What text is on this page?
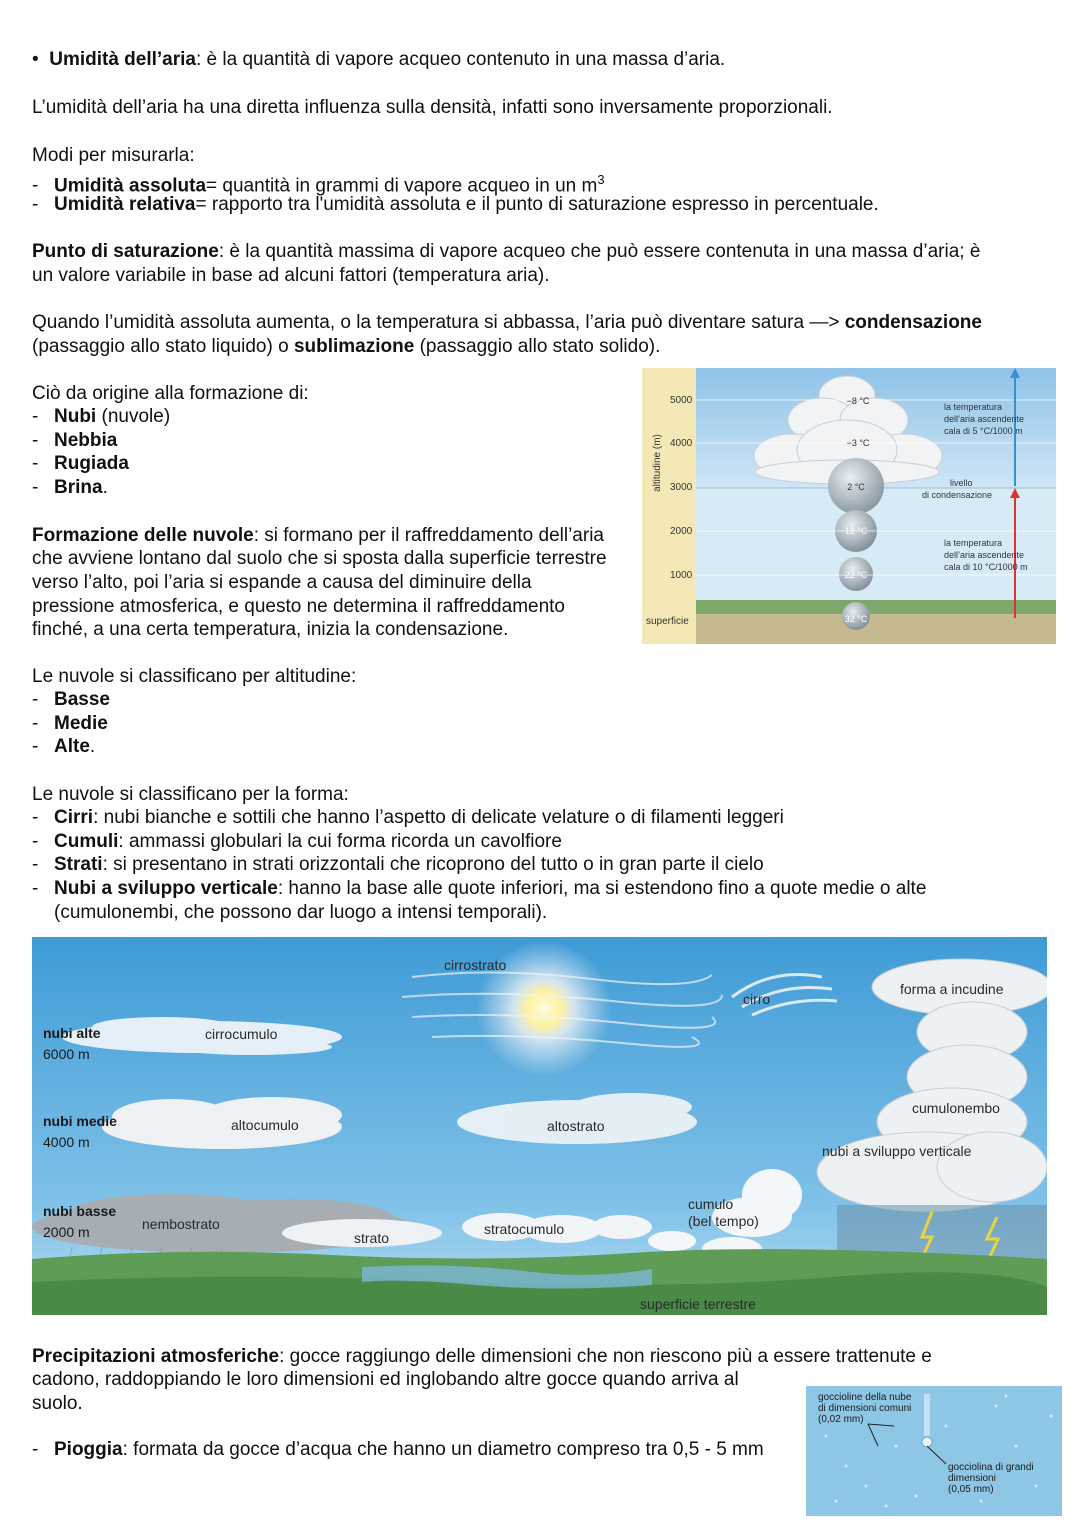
• Umidità dell’aria: è la quantità di vapore acqueo contenuto in una massa d’aria.
L’umidità dell’aria ha una diretta influenza sulla densità, infatti sono inversamente proporzionali.
Modi per misurarla:
- Umidità assoluta= quantità in grammi di vapore acqueo in un $m^3$
- Umidità relativa= rapporto tra l'umidità assoluta e il punto di saturazione espresso in percentuale.
Punto di saturazione: è la quantità massima di vapore acqueo che può essere contenuta in una massa d’aria; è
un valore variabile in base ad alcuni fattori (temperatura aria).
Quando l’umidità assoluta aumenta, o la temperatura si abbassa, l’aria può diventare satura —> condensazione
(passaggio allo stato liquido) o sublimazione (passaggio allo stato solido).
Ciò da origine alla formazione di:
- Nubi (nuvole)
- Nebbia
- Rugiada
- Brina.
Formazione delle nuvole: si formano per il raffreddamento dell’aria
che avviene lontano dal suolo che si sposta dalla superficie terrestre
verso l’alto, poi l’aria si espande a causa del diminuire della
pressione atmosferica, e questo ne determina il raffreddamento
finché, a una certa temperatura, inizia la condensazione.
altitudine (m)
5000
4000
3000
2000
1000
superficie
−8 °C
−3 °C
2 °C
12 °C
22 °C
32 °C
la temperatura
dell’aria ascendente
cala di 5 °C/1000 m
livello
di condensazione
la temperatura
dell’aria ascendente
cala di 10 °C/1000 m
Le nuvole si classificano per altitudine:
- Basse
- Medie
- Alte.
Le nuvole si classificano per la forma:
- Cirri: nubi bianche e sottili che hanno l’aspetto di delicate velature o di filamenti leggeri
- Cumuli: ammassi globulari la cui forma ricorda un cavolfiore
- Strati: si presentano in strati orizzontali che ricoprono del tutto o in gran parte il cielo
- Nubi a sviluppo verticale: hanno la base alle quote inferiori, ma si estendono fino a quote medie o alte
(cumulonembi, che possono dar luogo a intensi temporali).
nubi alte
6000 m
nubi medie
4000 m
nubi basse
2000 m
cirrostrato
cirro
cirrocumulo
forma a incudine
altocumulo	altostrato
cumulonembo
nubi a sviluppo verticale
nembostrato
strato
stratocumulo
cumulo
(bel tempo)
superficie terrestre
Precipitazioni atmosferiche: gocce raggiungo delle dimensioni che non riescono più a essere trattenute e
cadono, raddoppiando le loro dimensioni ed inglobando altre gocce quando arriva al
suolo.
- Pioggia: formata da gocce d’acqua che hanno un diametro compreso tra 0,5 - 5 mm
goccioline della nube
di dimensioni comuni
(0,02 mm)
gocciolina di grandi
dimensioni
(0,05 mm)
